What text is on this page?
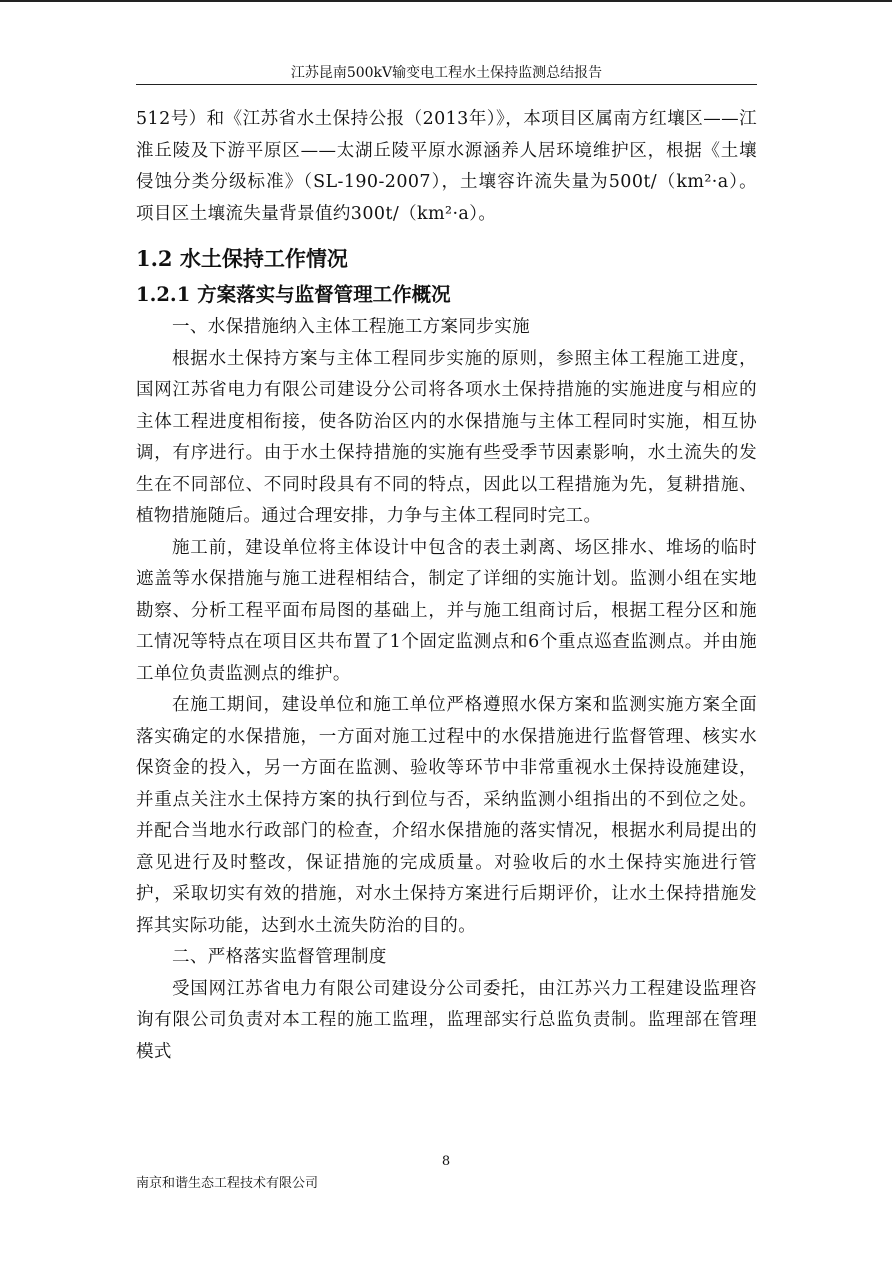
江苏昆南500kV输变电工程水土保持监测总结报告

512号）和《江苏省水土保持公报（2013年）》，本项目区属南方红壤区——江淮丘陵及下游平原区——太湖丘陵平原水源涵养人居环境维护区，根据《土壤侵蚀分类分级标准》（SL-190-2007），土壤容许流失量为500t/（km²·a）。项目区土壤流失量背景值约300t/（km²·a）。

1.2 水土保持工作情况
1.2.1 方案落实与监督管理工作概况

一、水保措施纳入主体工程施工方案同步实施

根据水土保持方案与主体工程同步实施的原则，参照主体工程施工进度，国网江苏省电力有限公司建设分公司将各项水土保持措施的实施进度与相应的主体工程进度相衔接，使各防治区内的水保措施与主体工程同时实施，相互协调，有序进行。由于水土保持措施的实施有些受季节因素影响，水土流失的发生在不同部位、不同时段具有不同的特点，因此以工程措施为先，复耕措施、植物措施随后。通过合理安排，力争与主体工程同时完工。

施工前，建设单位将主体设计中包含的表土剥离、场区排水、堆场的临时遮盖等水保措施与施工进程相结合，制定了详细的实施计划。监测小组在实地勘察、分析工程平面布局图的基础上，并与施工组商讨后，根据工程分区和施工情况等特点在项目区共布置了1个固定监测点和6个重点巡查监测点。并由施工单位负责监测点的维护。

在施工期间，建设单位和施工单位严格遵照水保方案和监测实施方案全面落实确定的水保措施，一方面对施工过程中的水保措施进行监督管理、核实水保资金的投入，另一方面在监测、验收等环节中非常重视水土保持设施建设，并重点关注水土保持方案的执行到位与否，采纳监测小组指出的不到位之处。并配合当地水行政部门的检查，介绍水保措施的落实情况，根据水利局提出的意见进行及时整改，保证措施的完成质量。对验收后的水土保持实施进行管护，采取切实有效的措施，对水土保持方案进行后期评价，让水土保持措施发挥其实际功能，达到水土流失防治的目的。

二、严格落实监督管理制度

受国网江苏省电力有限公司建设分公司委托，由江苏兴力工程建设监理咨询有限公司负责对本工程的施工监理，监理部实行总监负责制。监理部在管理模式

8
南京和谐生态工程技术有限公司
